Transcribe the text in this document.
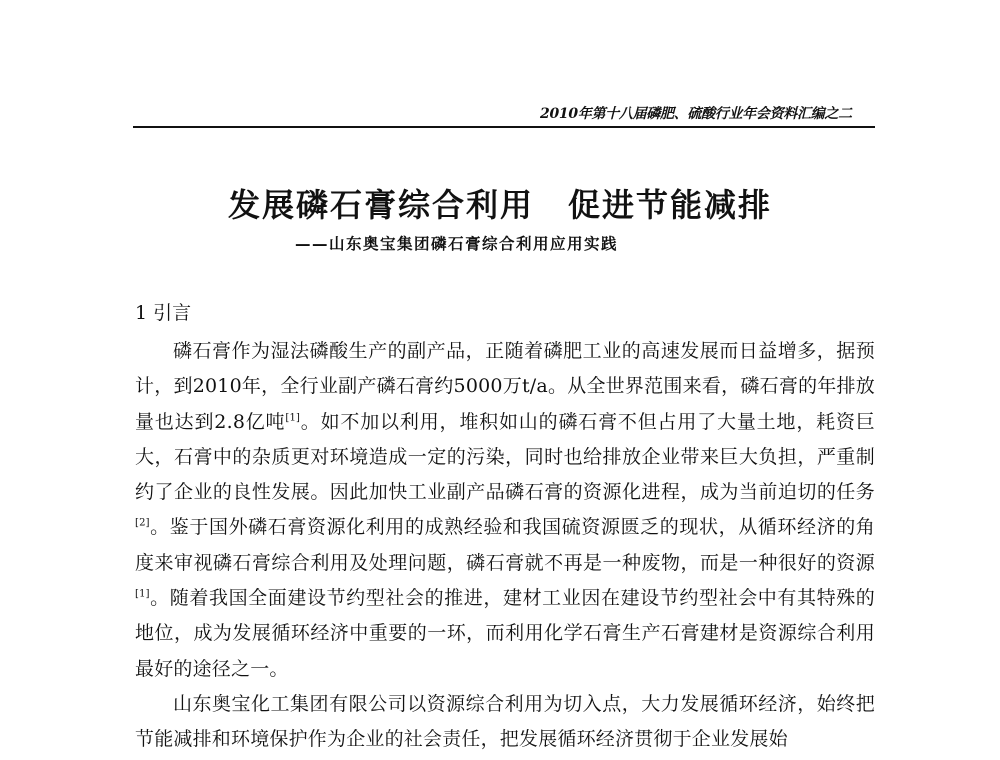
2010年第十八届磷肥、硫酸行业年会资料汇编之二
发展磷石膏综合利用　促进节能减排
——山东奥宝集团磷石膏综合利用应用实践
1 引言

磷石膏作为湿法磷酸生产的副产品，正随着磷肥工业的高速发展而日益增多，据预计，到2010年，全行业副产磷石膏约5000万t/a。从全世界范围来看，磷石膏的年排放量也达到2.8亿吨[1]。如不加以利用，堆积如山的磷石膏不但占用了大量土地，耗资巨大，石膏中的杂质更对环境造成一定的污染，同时也给排放企业带来巨大负担，严重制约了企业的良性发展。因此加快工业副产品磷石膏的资源化进程，成为当前迫切的任务[2]。鉴于国外磷石膏资源化利用的成熟经验和我国硫资源匮乏的现状，从循环经济的角度来审视磷石膏综合利用及处理问题，磷石膏就不再是一种废物，而是一种很好的资源[1]。随着我国全面建设节约型社会的推进，建材工业因在建设节约型社会中有其特殊的地位，成为发展循环经济中重要的一环，而利用化学石膏生产石膏建材是资源综合利用最好的途径之一。

山东奥宝化工集团有限公司以资源综合利用为切入点，大力发展循环经济，始终把节能减排和环境保护作为企业的社会责任，把发展循环经济贯彻于企业发展始
